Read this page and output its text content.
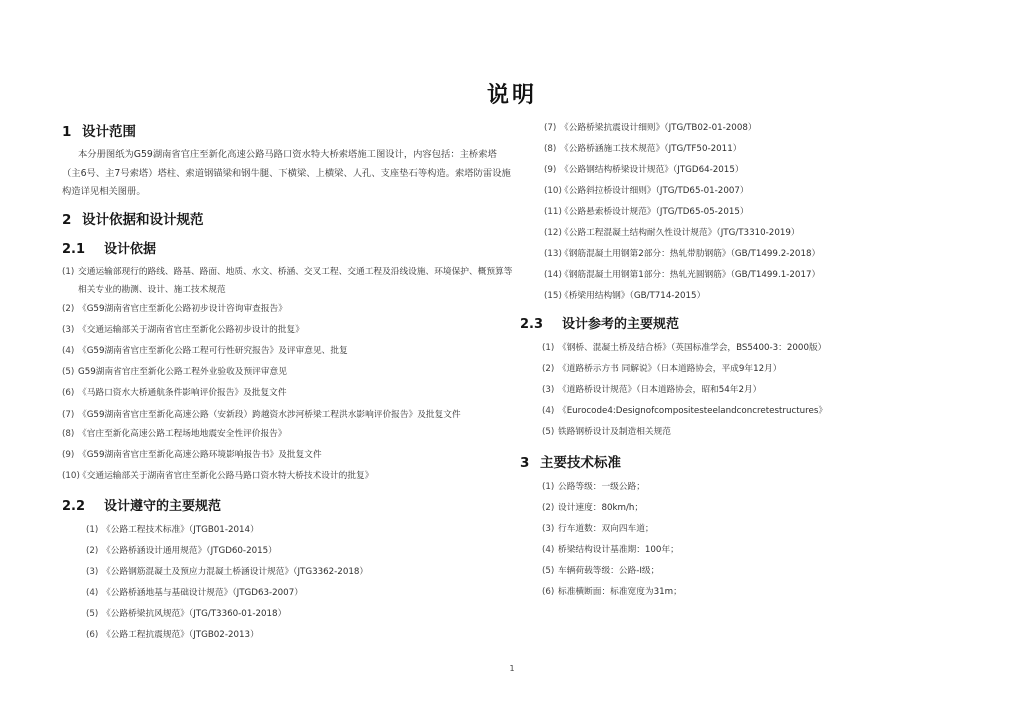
说明
1 设计范围
本分册图纸为G59湖南省官庄至新化高速公路马路口资水特大桥索塔施工图设计，内容包括：主桥索塔（主6号、主7号索塔）塔柱、索道钢锚梁和钢牛腿、下横梁、上横梁、人孔、支座垫石等构造。索塔防雷设施构造详见相关图册。
2 设计依据和设计规范
2.1 设计依据
(1) 交通运输部现行的路线、路基、路面、地质、水文、桥涵、交叉工程、交通工程及沿线设施、环境保护、概预算等相关专业的勘测、设计、施工技术规范
(2) 《G59湖南省官庄至新化公路初步设计咨询审查报告》
(3) 《交通运输部关于湖南省官庄至新化公路初步设计的批复》
(4) 《G59湖南省官庄至新化公路工程可行性研究报告》及评审意见、批复
(5) G59湖南省官庄至新化公路工程外业验收及预评审意见
(6) 《马路口资水大桥通航条件影响评价报告》及批复文件
(7) 《G59湖南省官庄至新化高速公路（安新段）跨越资水涉河桥梁工程洪水影响评价报告》及批复文件
(8) 《官庄至新化高速公路工程场地地震安全性评价报告》
(9) 《G59湖南省官庄至新化高速公路环境影响报告书》及批复文件
(10)
《交通运输部关于湖南省官庄至新化公路马路口资水特大桥技术设计的批复》
2.2 设计遵守的主要规范
(1) 《公路工程技术标准》（JTGB01-2014）
(2) 《公路桥涵设计通用规范》（JTGD60-2015）
(3) 《公路钢筋混凝土及预应力混凝土桥涵设计规范》（JTG3362-2018）
(4) 《公路桥涵地基与基础设计规范》（JTGD63-2007）
(5) 《公路桥梁抗风规范》（JTG/T3360-01-2018）
(6) 《公路工程抗震规范》（JTGB02-2013）
(7) 《公路桥梁抗震设计细则》（JTG/TB02-01-2008）
(8) 《公路桥涵施工技术规范》（JTG/TF50-2011）
(9) 《公路钢结构桥梁设计规范》（JTGD64-2015）
(10)
《公路斜拉桥设计细则》（JTG/TD65-01-2007）
(11)
《公路悬索桥设计规范》（JTG/TD65-05-2015）
(12)
《公路工程混凝土结构耐久性设计规范》（JTG/T3310-2019）
(13)
《钢筋混凝土用钢第2部分：热轧带肋钢筋》（GB/T1499.2-2018）
(14)
《钢筋混凝土用钢第1部分：热轧光圆钢筋》（GB/T1499.1-2017）
(15)
《桥梁用结构钢》（GB/T714-2015）
2.3 设计参考的主要规范
(1) 《钢桥、混凝土桥及结合桥》（英国标准学会，BS5400-3：2000版）
(2) 《道路桥示方书 同解说》（日本道路协会，平成9年12月）
(3) 《道路桥设计规范》（日本道路协会，昭和54年2月）
(4) 《Eurocode4:Designofcompositesteelandconcretestructures》
(5) 铁路钢桥设计及制造相关规范
3 主要技术标准
(1) 公路等级：一级公路；
(2) 设计速度：80km/h；
(3) 行车道数：双向四车道；
(4) 桥梁结构设计基准期：100年；
(5) 车辆荷载等级：公路-I级；
(6) 标准横断面：标准宽度为31m；
1
